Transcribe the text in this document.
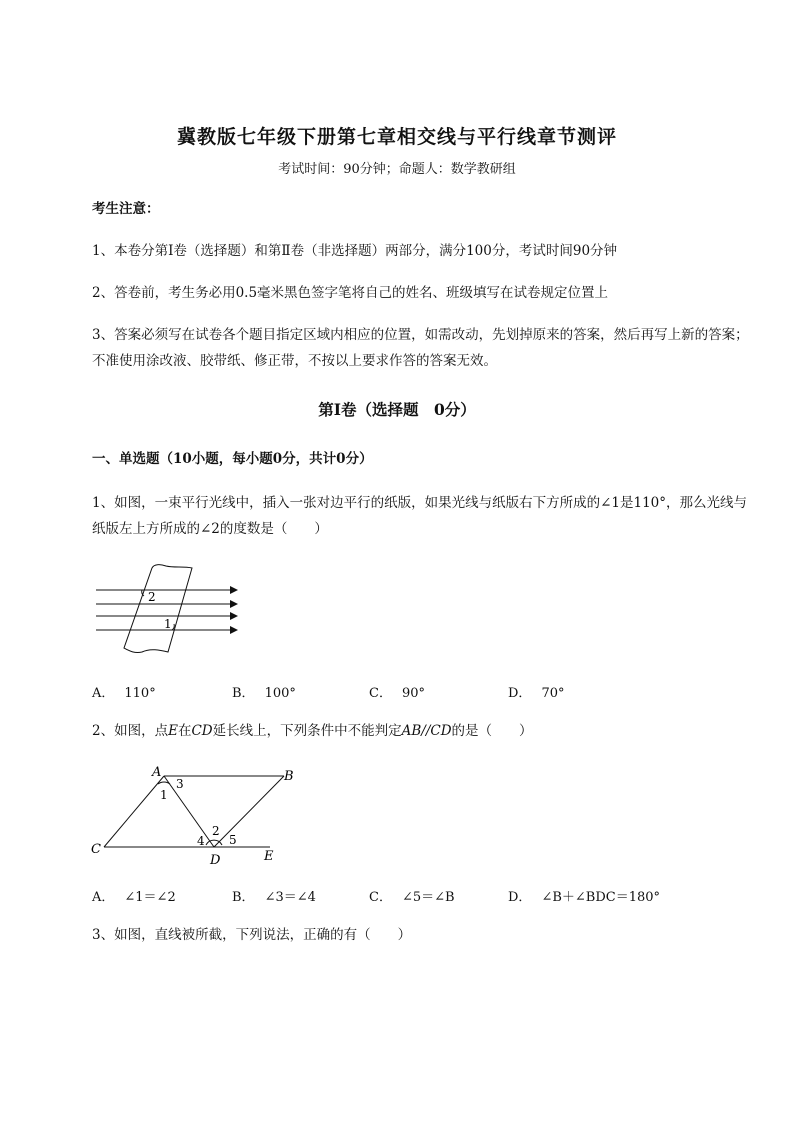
冀教版七年级下册第七章相交线与平行线章节测评
考试时间：90分钟；命题人：数学教研组
考生注意：
1、本卷分第I卷（选择题）和第Ⅱ卷（非选择题）两部分，满分100分，考试时间90分钟
2、答卷前，考生务必用0.5毫米黑色签字笔将自己的姓名、班级填写在试卷规定位置上
3、答案必须写在试卷各个题目指定区域内相应的位置，如需改动，先划掉原来的答案，然后再写上新的答案；不准使用涂改液、胶带纸、修正带，不按以上要求作答的答案无效。
第I卷（选择题　0分）
一、单选题（10小题，每小题0分，共计0分）
1、如图，一束平行光线中，插入一张对边平行的纸版，如果光线与纸版右下方所成的∠1是110°，那么光线与纸版左上方所成的∠2的度数是（　　）
2
1
A． 110°	B． 100°	C． 90°	D． 70°
2、如图，点E在CD延长线上，下列条件中不能判定AB//CD的是（　　）
A	B
C
D	E
1
3
2
4 5
A． ∠1＝∠2	B． ∠3＝∠4	C． ∠5＝∠B	D． ∠B＋∠BDC＝180°
3、如图，直线被所截，下列说法，正确的有（　　）
